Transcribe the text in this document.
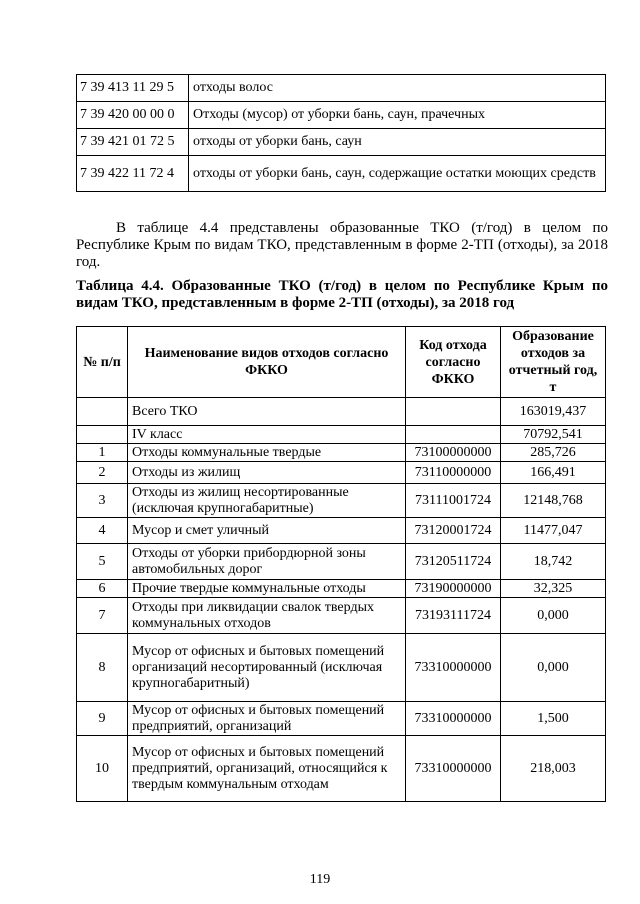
7 39 413 11 29 5	отходы волос
7 39 420 00 00 0	Отходы (мусор) от уборки бань, саун, прачечных
7 39 421 01 72 5	отходы от уборки бань, саун
7 39 422 11 72 4	отходы от уборки бань, саун, содержащие остатки моющих средств

В таблице 4.4 представлены образованные ТКО (т/год) в целом по Республике Крым по видам ТКО, представленным в форме 2-ТП (отходы), за 2018 год.

Таблица 4.4. Образованные ТКО (т/год) в целом по Республике Крым по видам ТКО, представленным в форме 2-ТП (отходы), за 2018 год

№ п/п	Наименование видов отходов согласно ФККО	Код отхода согласно ФККО	Образование отходов за отчетный год, т
	Всего ТКО		163019,437
	IV класс		70792,541
1	Отходы коммунальные твердые	73100000000	285,726
2	Отходы из жилищ	73110000000	166,491
3	Отходы из жилищ несортированные (исключая крупногабаритные)	73111001724	12148,768
4	Мусор и смет уличный	73120001724	11477,047
5	Отходы от уборки прибордюрной зоны автомобильных дорог	73120511724	18,742
6	Прочие твердые коммунальные отходы	73190000000	32,325
7	Отходы при ликвидации свалок твердых коммунальных отходов	73193111724	0,000
8	Мусор от офисных и бытовых помещений организаций несортированный (исключая крупногабаритный)	73310000000	0,000
9	Мусор от офисных и бытовых помещений предприятий, организаций	73310000000	1,500
10	Мусор от офисных и бытовых помещений предприятий, организаций, относящийся к твердым коммунальным отходам	73310000000	218,003
119
